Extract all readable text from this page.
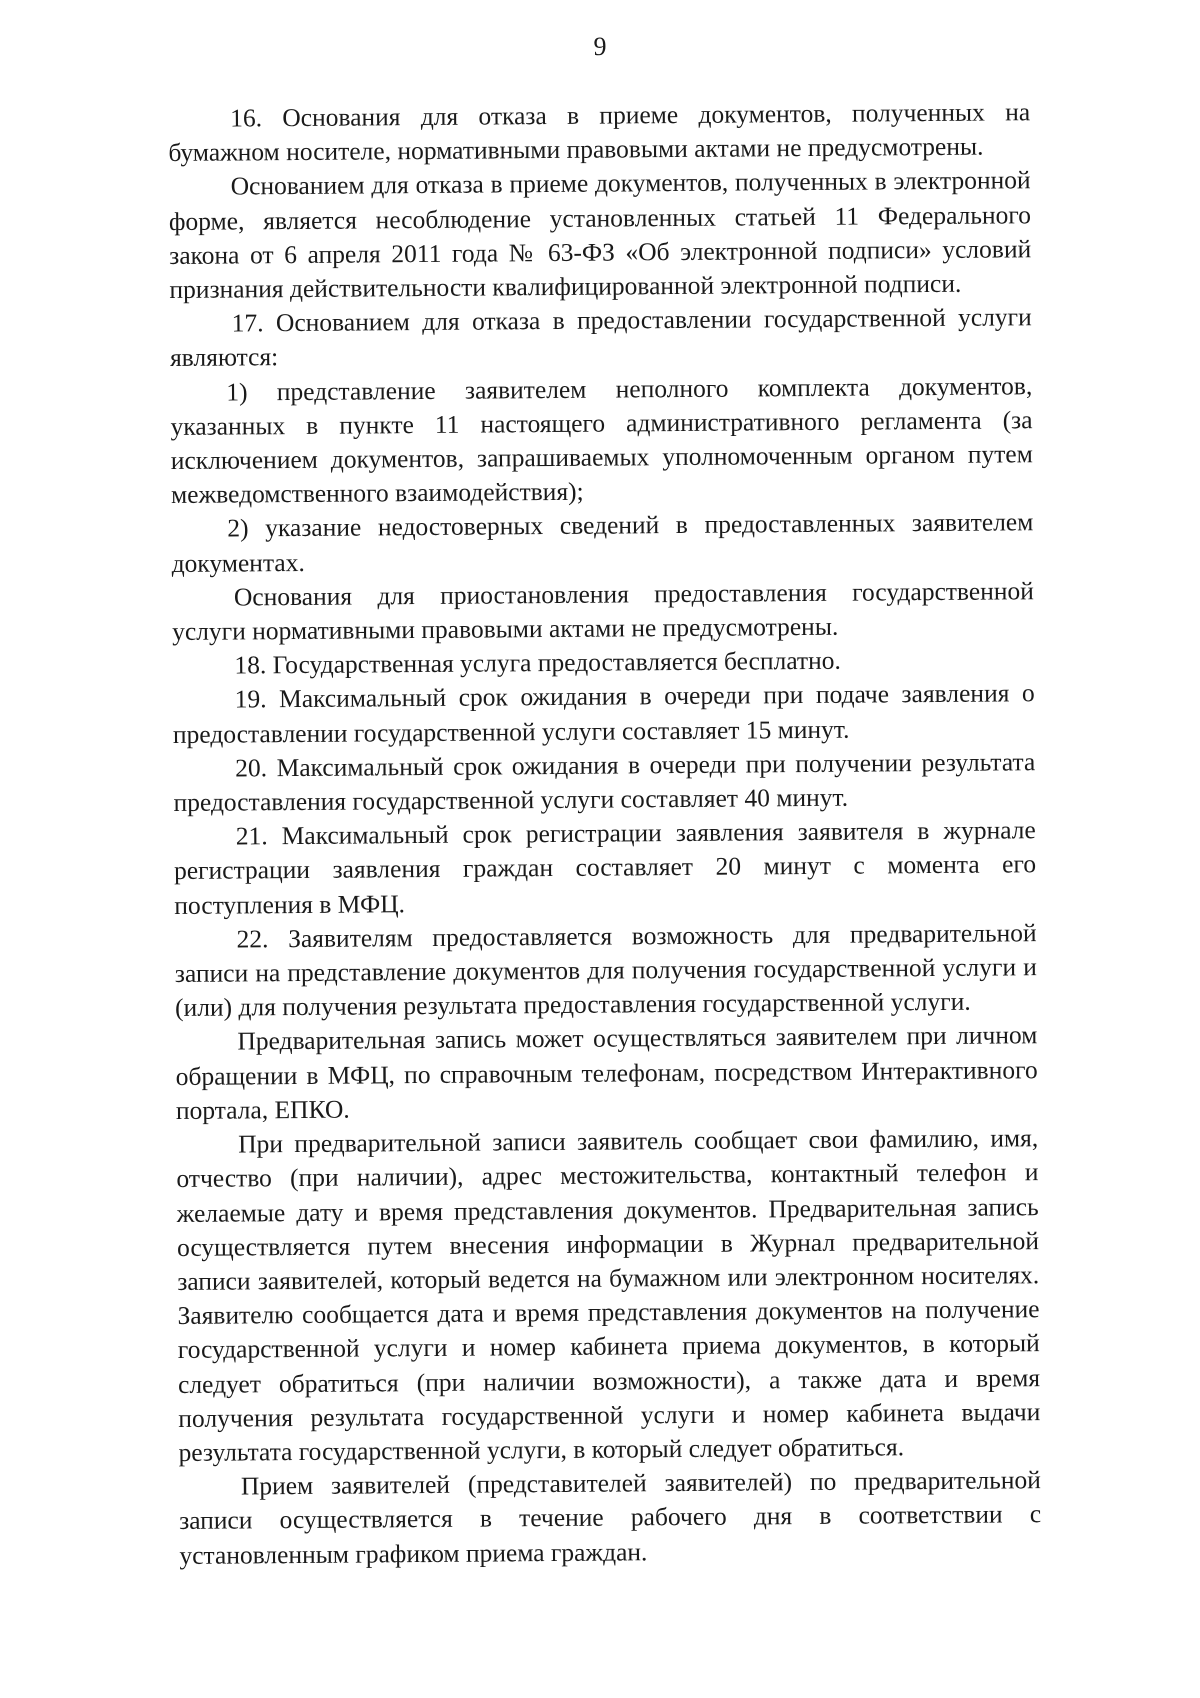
9

16. Основания для отказа в приеме документов, полученных на бумажном носителе, нормативными правовыми актами не предусмотрены.

Основанием для отказа в приеме документов, полученных в электронной форме, является несоблюдение установленных статьей 11 Федерального закона от 6 апреля 2011 года № 63-ФЗ «Об электронной подписи» условий признания действительности квалифицированной электронной подписи.

17. Основанием для отказа в предоставлении государственной услуги являются:

1) представление заявителем неполного комплекта документов, указанных в пункте 11 настоящего административного регламента (за исключением документов, запрашиваемых уполномоченным органом путем межведомственного взаимодействия);

2) указание недостоверных сведений в предоставленных заявителем документах.

Основания для приостановления предоставления государственной услуги нормативными правовыми актами не предусмотрены.

18. Государственная услуга предоставляется бесплатно.

19. Максимальный срок ожидания в очереди при подаче заявления о предоставлении государственной услуги составляет 15 минут.

20. Максимальный срок ожидания в очереди при получении результата предоставления государственной услуги составляет 40 минут.

21. Максимальный срок регистрации заявления заявителя в журнале регистрации заявления граждан составляет 20 минут с момента его поступления в МФЦ.

22. Заявителям предоставляется возможность для предварительной записи на представление документов для получения государственной услуги и (или) для получения результата предоставления государственной услуги.

Предварительная запись может осуществляться заявителем при личном обращении в МФЦ, по справочным телефонам, посредством Интерактивного портала, ЕПКО.

При предварительной записи заявитель сообщает свои фамилию, имя, отчество (при наличии), адрес местожительства, контактный телефон и желаемые дату и время представления документов. Предварительная запись осуществляется путем внесения информации в Журнал предварительной записи заявителей, который ведется на бумажном или электронном носителях. Заявителю сообщается дата и время представления документов на получение государственной услуги и номер кабинета приема документов, в который следует обратиться (при наличии возможности), а также дата и время получения результата государственной услуги и номер кабинета выдачи результата государственной услуги, в который следует обратиться.

Прием заявителей (представителей заявителей) по предварительной записи осуществляется в течение рабочего дня в соответствии с установленным графиком приема граждан.
